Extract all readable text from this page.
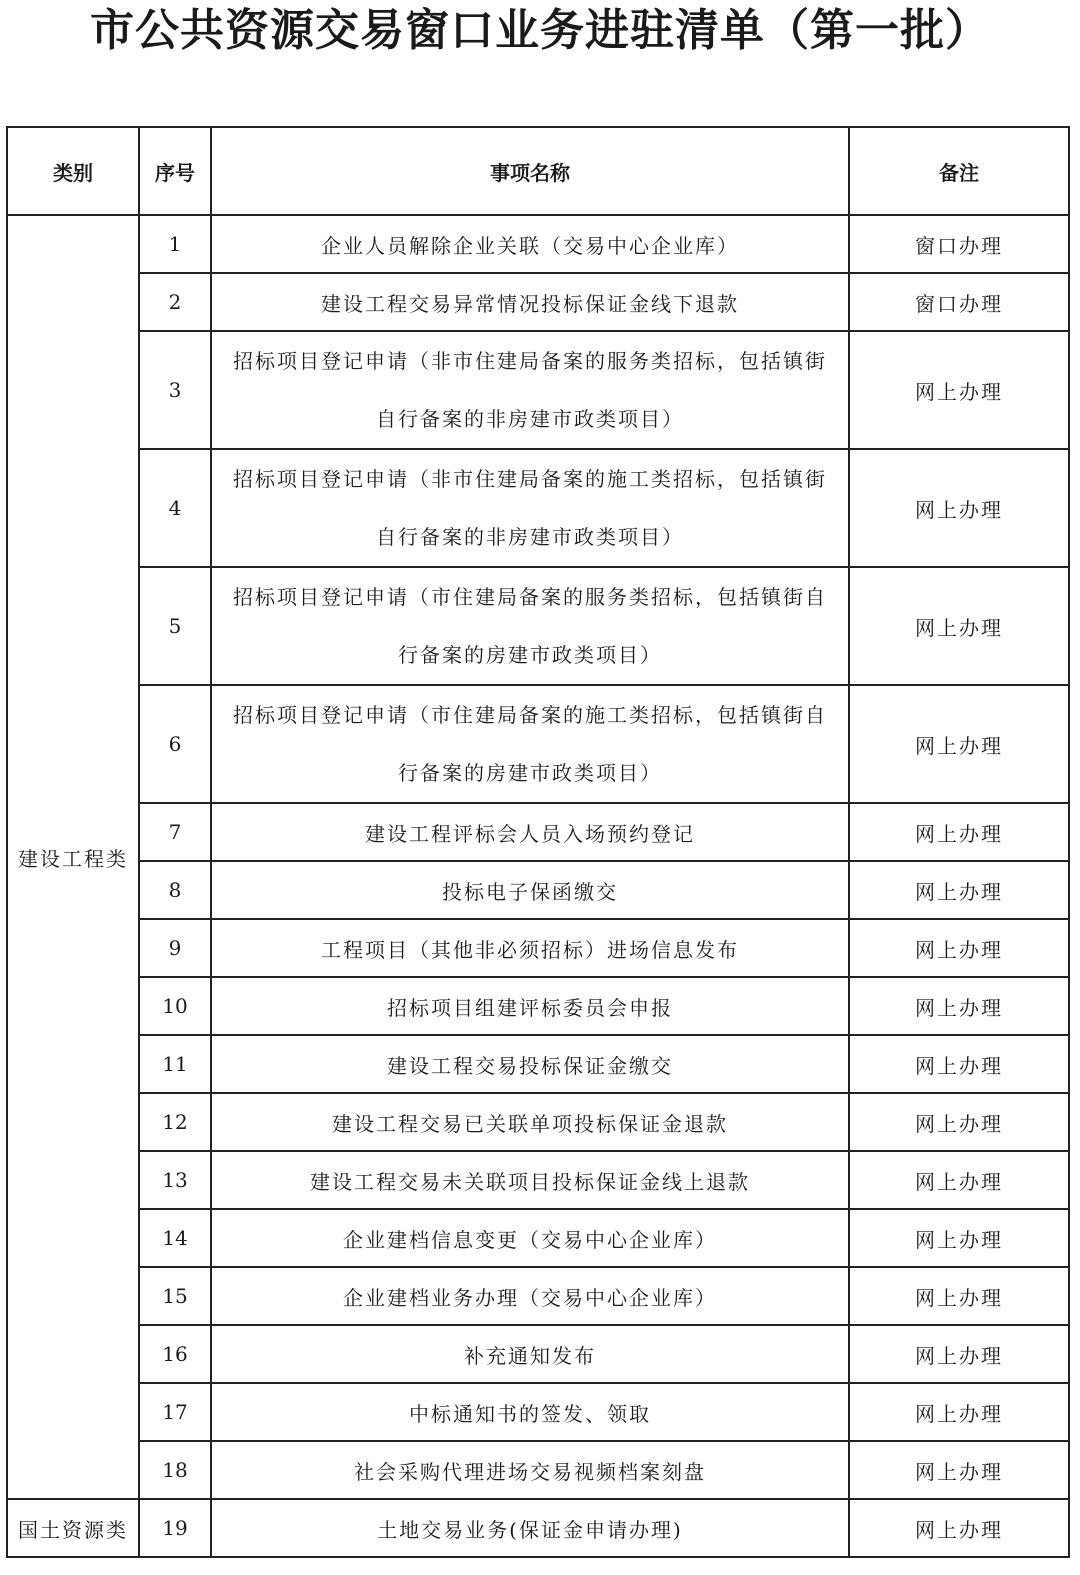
市公共资源交易窗口业务进驻清单（第一批）
类别	序号	事项名称	备注
建设工程类	1	企业人员解除企业关联（交易中心企业库）	窗口办理
	2	建设工程交易异常情况投标保证金线下退款	窗口办理
	3	招标项目登记申请（非市住建局备案的服务类招标，包括镇街自行备案的非房建市政类项目）	网上办理
	4	招标项目登记申请（非市住建局备案的施工类招标，包括镇街自行备案的非房建市政类项目）	网上办理
	5	招标项目登记申请（市住建局备案的服务类招标，包括镇街自行备案的房建市政类项目）	网上办理
	6	招标项目登记申请（市住建局备案的施工类招标，包括镇街自行备案的房建市政类项目）	网上办理
	7	建设工程评标会人员入场预约登记	网上办理
	8	投标电子保函缴交	网上办理
	9	工程项目（其他非必须招标）进场信息发布	网上办理
	10	招标项目组建评标委员会申报	网上办理
	11	建设工程交易投标保证金缴交	网上办理
	12	建设工程交易已关联单项投标保证金退款	网上办理
	13	建设工程交易未关联项目投标保证金线上退款	网上办理
	14	企业建档信息变更（交易中心企业库）	网上办理
	15	企业建档业务办理（交易中心企业库）	网上办理
	16	补充通知发布	网上办理
	17	中标通知书的签发、领取	网上办理
	18	社会采购代理进场交易视频档案刻盘	网上办理
国土资源类	19	土地交易业务(保证金申请办理)	网上办理
